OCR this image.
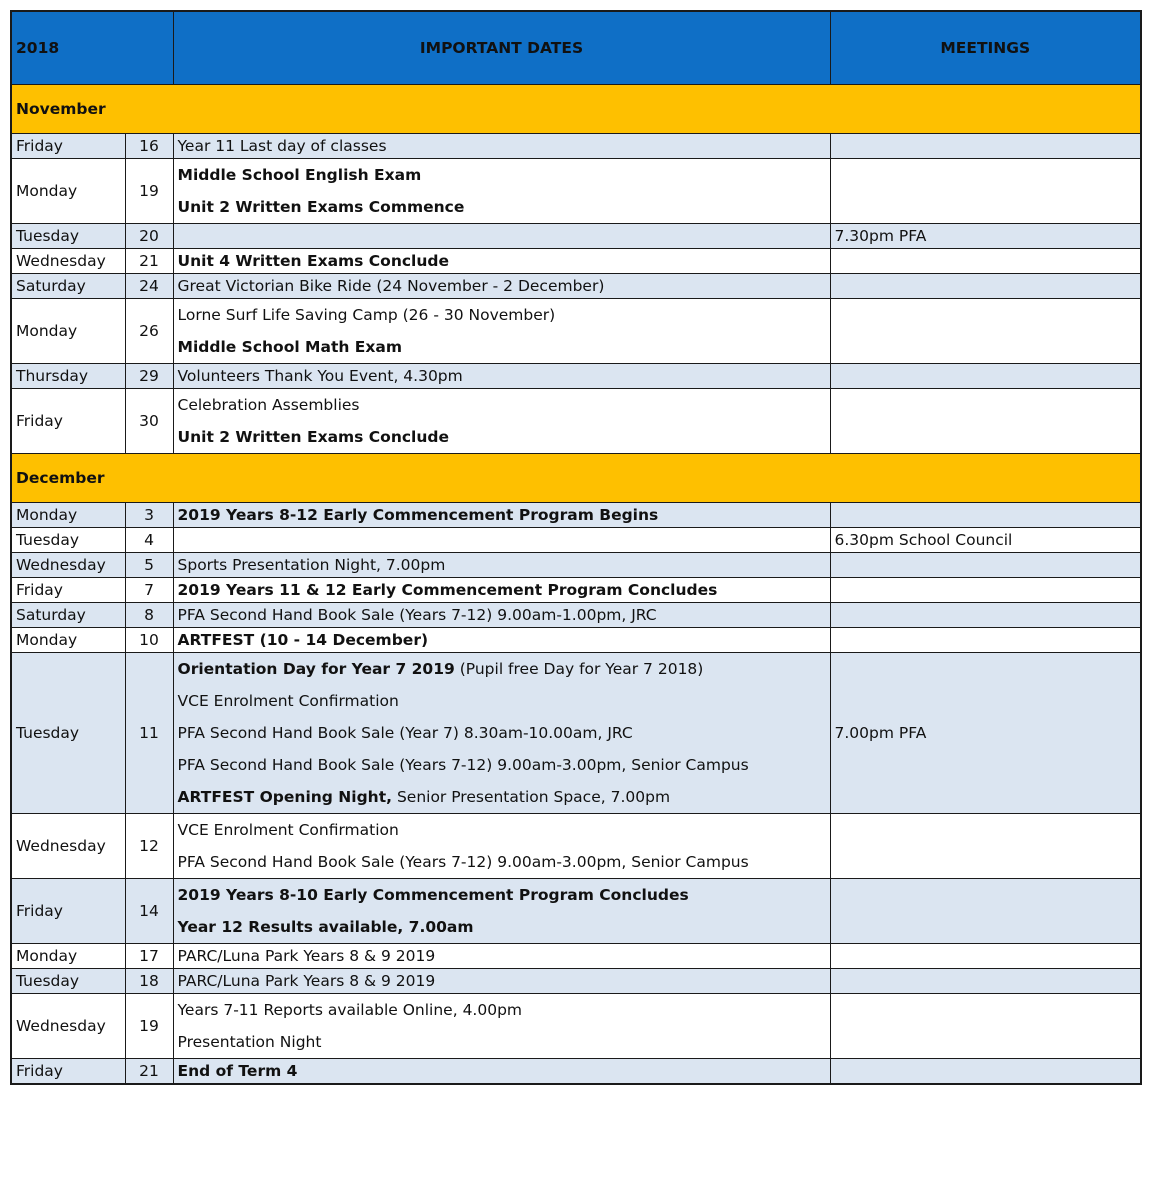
2018		IMPORTANT DATES	MEETINGS
November			
Friday	16	Year 11 Last day of classes	

Monday	19	Middle School English Exam
Unit 2 Written Exams Commence	

Tuesday	20		7.30pm PFA
Wednesday	21	Unit 4 Written Exams Conclude	

Saturday	24	Great Victorian Bike Ride (24 November - 2 December)	

Monday	26	Lorne Surf Life Saving Camp (26 - 30 November)
Middle School Math Exam	

Thursday	29	Volunteers Thank You Event, 4.30pm	

Friday	30	Celebration Assemblies
Unit 2 Written Exams Conclude	

December			
Monday	3	2019 Years 8-12 Early Commencement Program Begins	

Tuesday	4		6.30pm School Council
Wednesday	5	Sports Presentation Night, 7.00pm	

Friday	7	2019 Years 11 & 12 Early Commencement Program Concludes	

Saturday	8	PFA Second Hand Book Sale (Years 7-12) 9.00am-1.00pm, JRC	

Monday	10	ARTFEST (10 - 14 December)	

Tuesday	11	Orientation Day for Year 7 2019 (Pupil free Day for Year 7 2018)
VCE Enrolment Confirmation
PFA Second Hand Book Sale (Year 7) 8.30am-10.00am, JRC
PFA Second Hand Book Sale (Years 7-12) 9.00am-3.00pm, Senior Campus
ARTFEST Opening Night, Senior Presentation Space, 7.00pm	7.00pm PFA
Wednesday	12	VCE Enrolment Confirmation
PFA Second Hand Book Sale (Years 7-12) 9.00am-3.00pm, Senior Campus	

Friday	14	2019 Years 8-10 Early Commencement Program Concludes
Year 12 Results available, 7.00am	

Monday	17	PARC/Luna Park Years 8 & 9 2019	

Tuesday	18	PARC/Luna Park Years 8 & 9 2019	

Wednesday	19	Years 7-11 Reports available Online, 4.00pm
Presentation Night	

Friday	21	End of Term 4	
